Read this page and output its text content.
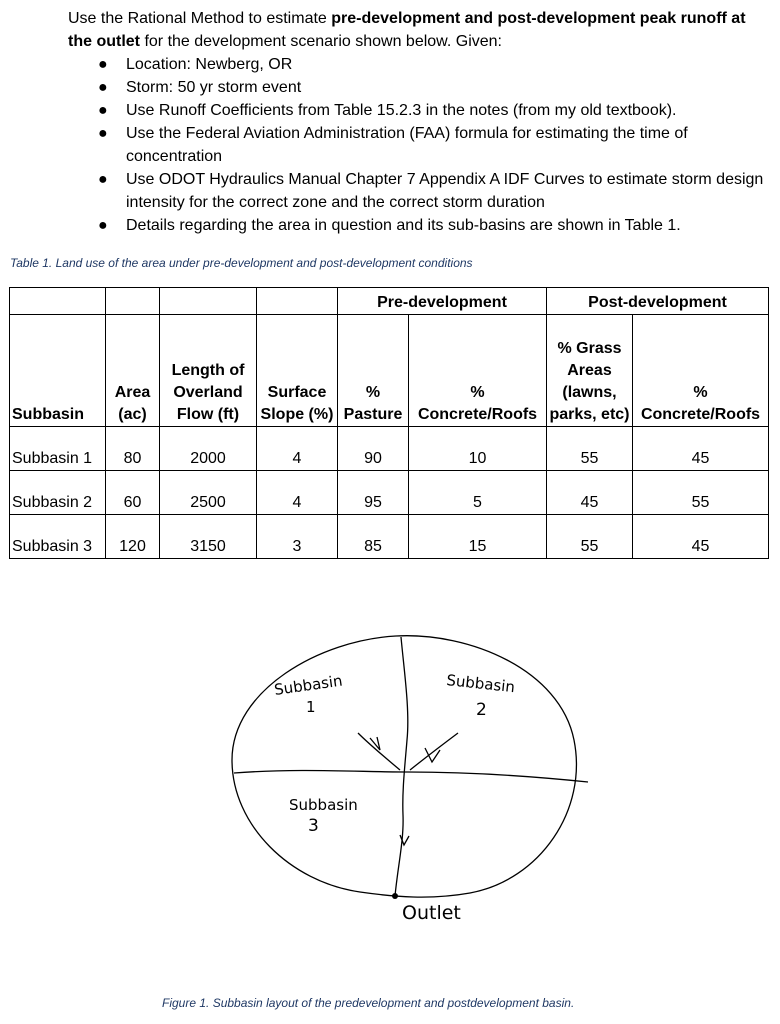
Use the Rational Method to estimate pre-development and post-development peak runoff at the outlet for the development scenario shown below. Given:

● Location: Newberg, OR
● Storm: 50 yr storm event
● Use Runoff Coefficients from Table 15.2.3 in the notes (from my old textbook).
● Use the Federal Aviation Administration (FAA) formula for estimating the time of concentration
● Use ODOT Hydraulics Manual Chapter 7 Appendix A IDF Curves to estimate storm design intensity for the correct zone and the correct storm duration
● Details regarding the area in question and its sub-basins are shown in Table 1.
Table 1. Land use of the area under pre-development and post-development conditions
				Pre-development		Post-development	
Subbasin	Area (ac)	Length of Overland Flow (ft)	Surface Slope (%)	% Pasture	% Concrete/Roofs	% Grass Areas (lawns, parks, etc)	% Concrete/Roofs
Subbasin 1	80	2000	4	90	10	55	45
Subbasin 2	60	2500	4	95	5	45	55
Subbasin 3	120	3150	3	85	15	55	45
Subbasin
1
Subbasin
2
Subbasin
3
Outlet
Figure 1. Subbasin layout of the predevelopment and postdevelopment basin.
